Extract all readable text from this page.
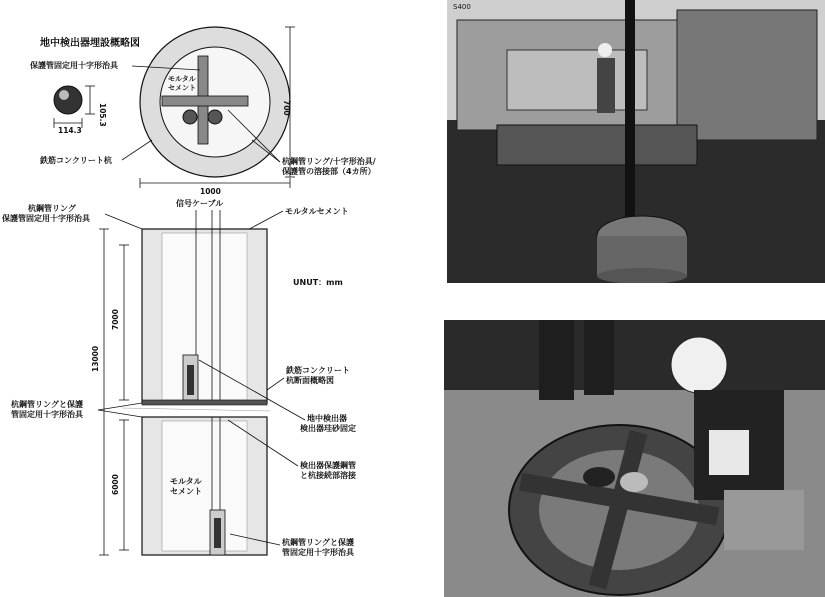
地中検出器埋設概略図
114.3
105.3
保護管固定用十字形治具
モルタル
セメント
700
1000
鉄筋コンクリート杭	杭鋼管リング/十字形治具/
保護管の溶接部（4カ所）
杭鋼管リング
保護管固定用十字形治具
信号ケーブル
モルタルセメント
UNUT：mm
モルタル
セメント
13000
7000
6000
鉄筋コンクリート
杭断面概略図
杭鋼管リングと保護
管固定用十字形治具	地中検出器
検出器珪砂固定
検出器保護鋼管
と杭接続部溶接
杭鋼管リングと保護
管固定用十字形治具
S400
